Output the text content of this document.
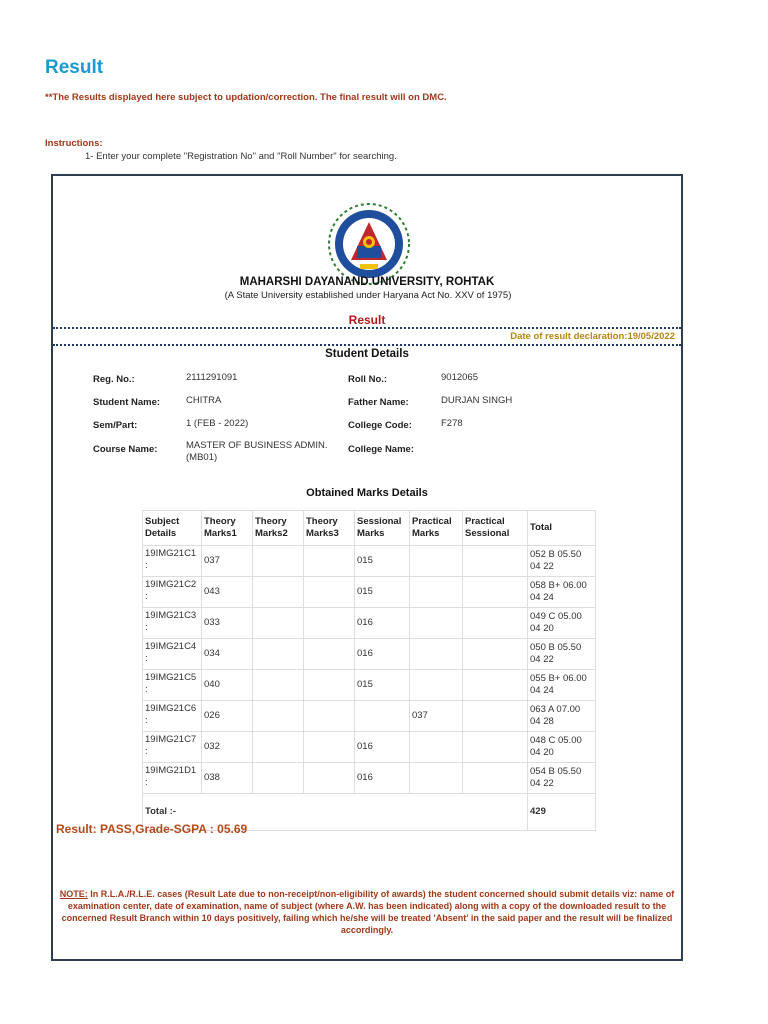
Result
**The Results displayed here subject to updation/correction. The final result will on DMC.
Instructions:
1- Enter your complete "Registration No" and "Roll Number" for searching.
MAHARSHI DAYANAND UNIVERSITY, ROHTAK
(A State University established under Haryana Act No. XXV of 1975)
Result
Date of result declaration:19/05/2022
Student Details
Reg. No.:	2111291091	Roll No.:	9012065
Student Name:	CHITRA	Father Name:	DURJAN SINGH
Sem/Part:	1 (FEB - 2022)	College Code:	F278
Course Name:	MASTER OF BUSINESS ADMIN. (MB01)
College Name:
Obtained Marks Details
Subject Details	Theory Marks1	Theory Marks2	Theory Marks3	Sessional Marks	Practical Marks	Practical Sessional	Total
19IMG21C1 :	037			015			052 B 05.50 04 22
19IMG21C2 :	043			015			058 B+ 06.00 04 24
19IMG21C3 :	033			016			049 C 05.00 04 20
19IMG21C4 :	034			016			050 B 05.50 04 22
19IMG21C5 :	040			015			055 B+ 06.00 04 24
19IMG21C6 :	026				037		063 A 07.00 04 28
19IMG21C7 :	032			016			048 C 05.00 04 20
19IMG21D1 :	038			016			054 B 05.50 04 22
Total :-							429
Result: PASS,Grade-SGPA : 05.69
NOTE: In R.L.A./R.L.E. cases (Result Late due to non-receipt/non-eligibility of awards) the student concerned should submit details viz: name of examination center, date of examination, name of subject (where A.W. has been indicated) along with a copy of the downloaded result to the concerned Result Branch within 10 days positively, failing which he/she will be treated 'Absent' in the said paper and the result will be finalized accordingly.
